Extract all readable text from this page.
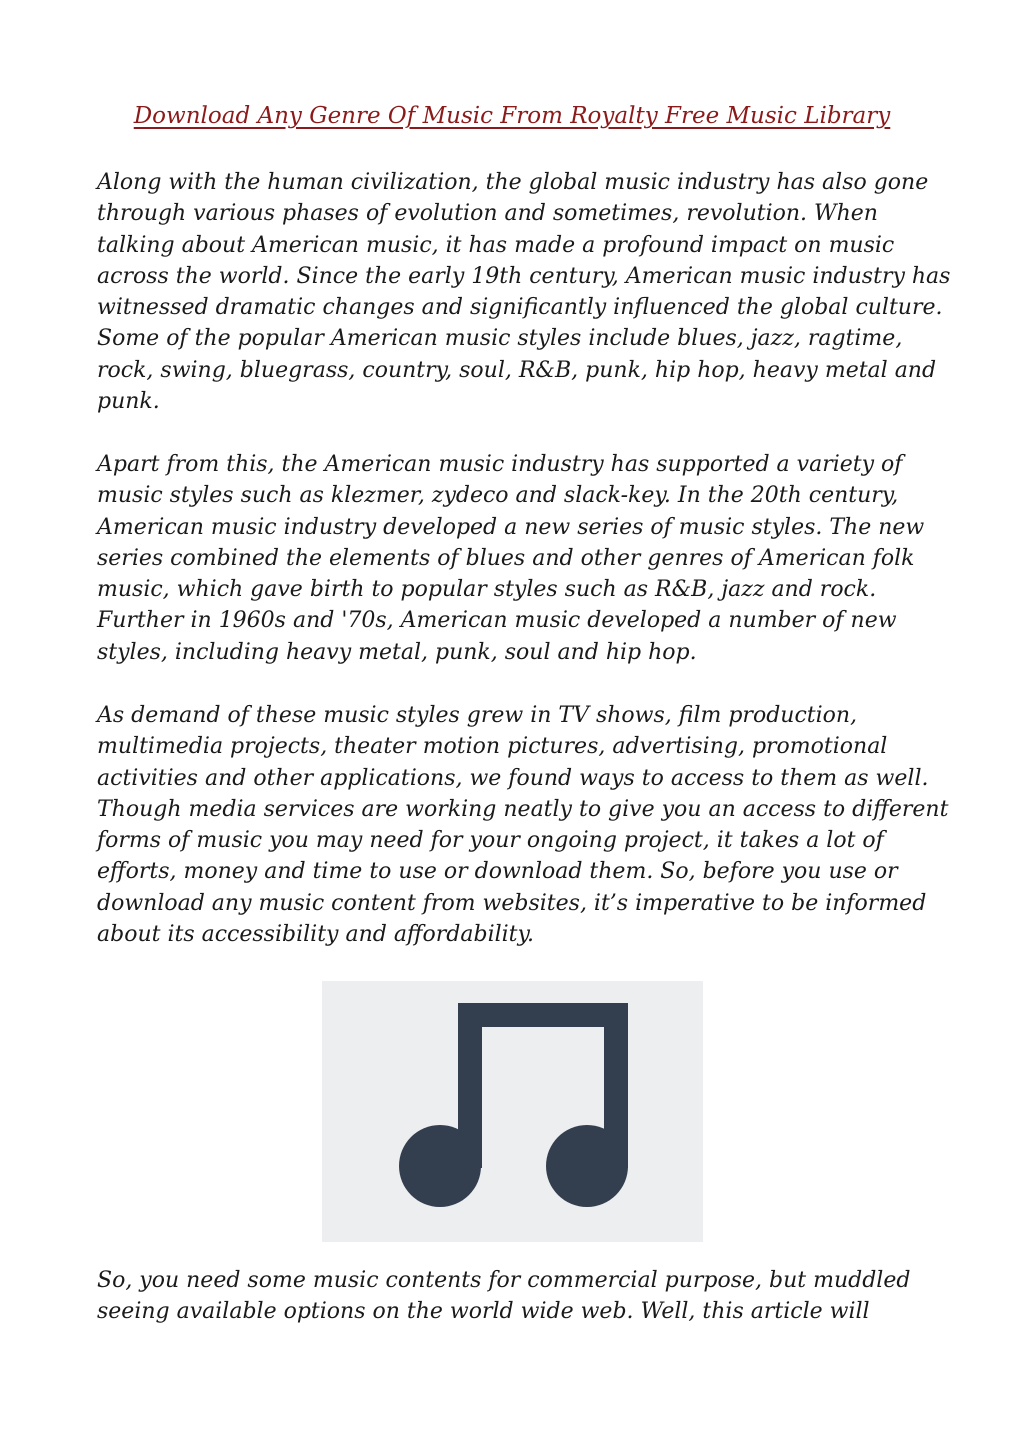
Download Any Genre Of Music From Royalty Free Music Library

Along with the human civilization, the global music industry has also gone
through various phases of evolution and sometimes, revolution. When
talking about American music, it has made a profound impact on music
across the world. Since the early 19th century, American music industry has
witnessed dramatic changes and significantly influenced the global culture.
Some of the popular American music styles include blues, jazz, ragtime,
rock, swing, bluegrass, country, soul, R&B, punk, hip hop, heavy metal and
punk.

Apart from this, the American music industry has supported a variety of
music styles such as klezmer, zydeco and slack-key. In the 20th century,
American music industry developed a new series of music styles. The new
series combined the elements of blues and other genres of American folk
music, which gave birth to popular styles such as R&B, jazz and rock.
Further in 1960s and '70s, American music developed a number of new
styles, including heavy metal, punk, soul and hip hop.

As demand of these music styles grew in TV shows, film production,
multimedia projects, theater motion pictures, advertising, promotional
activities and other applications, we found ways to access to them as well.
Though media services are working neatly to give you an access to different
forms of music you may need for your ongoing project, it takes a lot of
efforts, money and time to use or download them. So, before you use or
download any music content from websites, it’s imperative to be informed
about its accessibility and affordability.

So, you need some music contents for commercial purpose, but muddled
seeing available options on the world wide web. Well, this article will
